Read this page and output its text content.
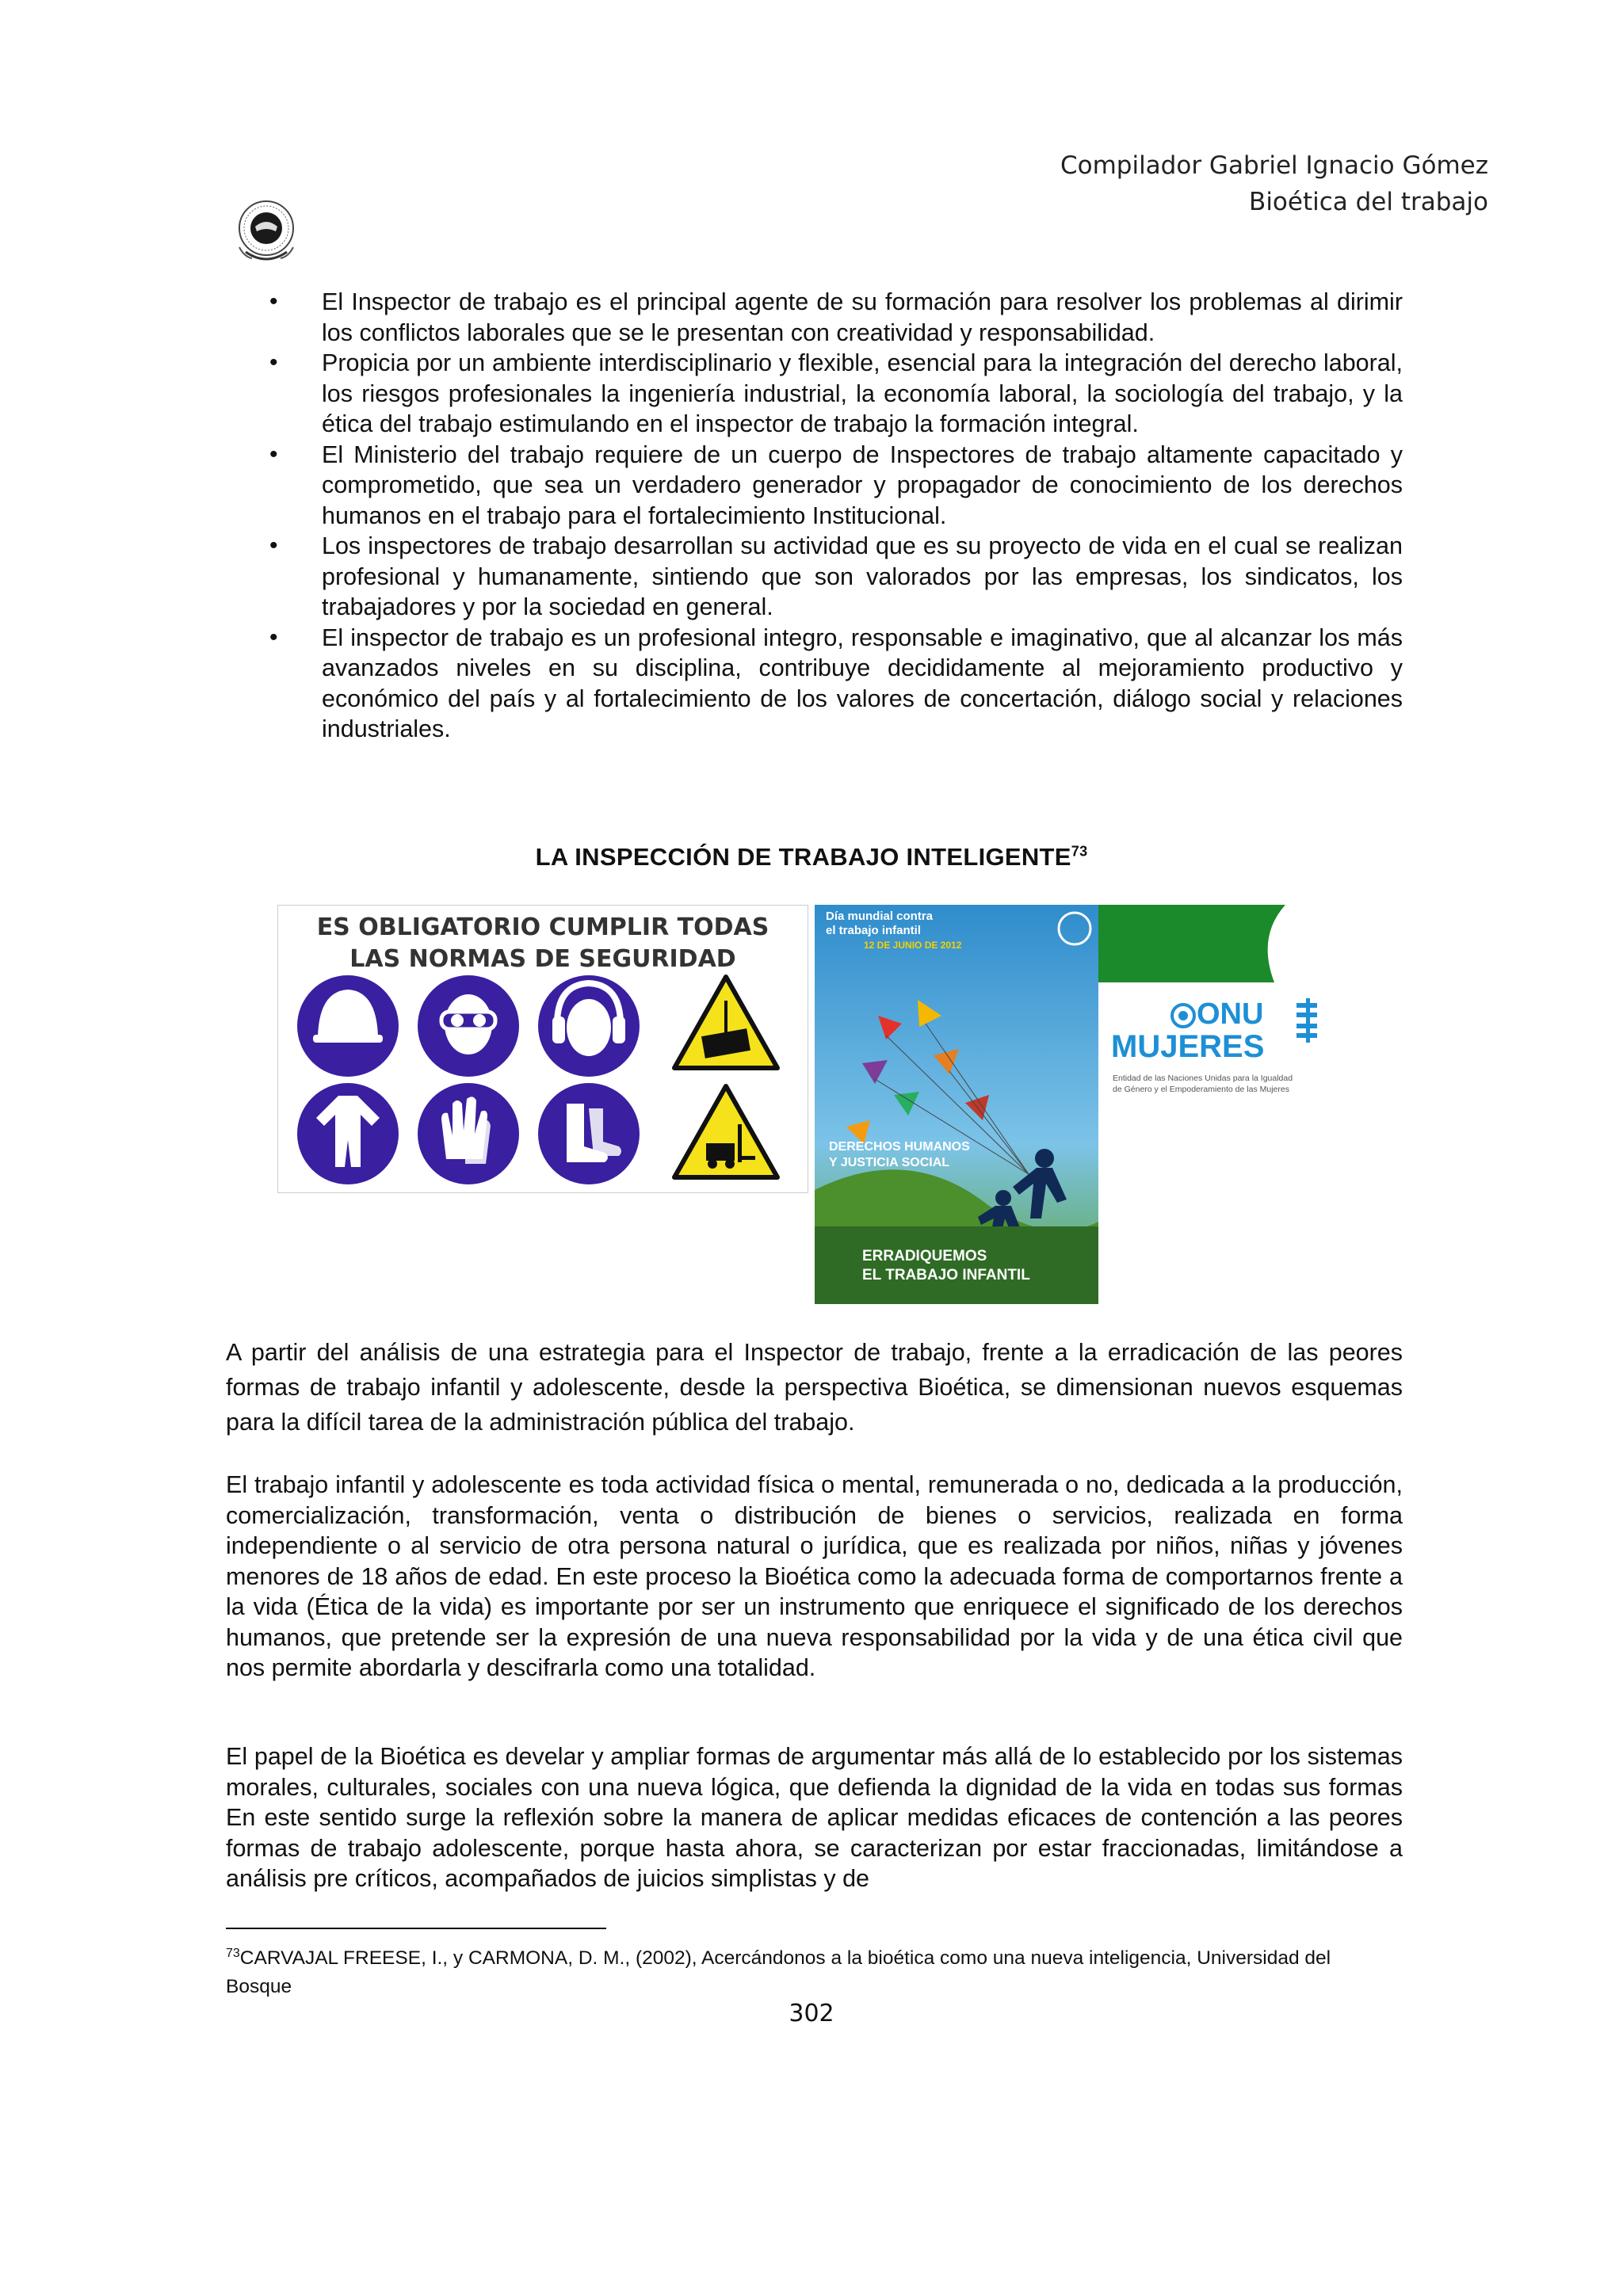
Compilador Gabriel Ignacio Gómez
Bioética del trabajo
• El Inspector de trabajo es el principal agente de su formación para resolver los problemas al dirimir los conflictos laborales que se le presentan con creatividad y responsabilidad.
• Propicia por un ambiente interdisciplinario y flexible, esencial para la integración del derecho laboral, los riesgos profesionales la ingeniería industrial, la economía laboral, la sociología del trabajo, y la ética del trabajo estimulando en el inspector de trabajo la formación integral.
• El Ministerio del trabajo requiere de un cuerpo de Inspectores de trabajo altamente capacitado y comprometido, que sea un verdadero generador y propagador de conocimiento de los derechos humanos en el trabajo para el fortalecimiento Institucional.
• Los inspectores de trabajo desarrollan su actividad que es su proyecto de vida en el cual se realizan profesional y humanamente, sintiendo que son valorados por las empresas, los sindicatos, los trabajadores y por la sociedad en general.
• El inspector de trabajo es un profesional integro, responsable e imaginativo, que al alcanzar los más avanzados niveles en su disciplina, contribuye decididamente al mejoramiento productivo y económico del país y al fortalecimiento de los valores de concertación, diálogo social y relaciones industriales.
LA INSPECCIÓN DE TRABAJO INTELIGENTE$^{73}$
ES OBLIGATORIO CUMPLIR TODAS
LAS NORMAS DE SEGURIDAD
Día mundial contra
el trabajo infantil
12 DE JUNIO DE 2012
DERECHOS HUMANOS
Y JUSTICIA SOCIAL
ERRADIQUEMOS
EL TRABAJO INFANTIL
ONU
MUJERES
Entidad de las Naciones Unidas para la Igualdad
de Género y el Empoderamiento de las Mujeres

A partir del análisis de una estrategia para el Inspector de trabajo, frente a la erradicación de las peores formas de trabajo infantil y adolescente, desde la perspectiva Bioética, se dimensionan nuevos esquemas para la difícil tarea de la administración pública del trabajo.

El trabajo infantil y adolescente es toda actividad física o mental, remunerada o no, dedicada a la producción, comercialización, transformación, venta o distribución de bienes o servicios, realizada en forma independiente o al servicio de otra persona natural o jurídica, que es realizada por niños, niñas y jóvenes menores de 18 años de edad. En este proceso la Bioética como la adecuada forma de comportarnos frente a la vida (Ética de la vida) es importante por ser un instrumento que enriquece el significado de los derechos humanos, que pretende ser la expresión de una nueva responsabilidad por la vida y de una ética civil que nos permite abordarla y descifrarla como una totalidad.

El papel de la Bioética es develar y ampliar formas de argumentar más allá de lo establecido por los sistemas morales, culturales, sociales con una nueva lógica, que defienda la dignidad de la vida en todas sus formas En este sentido surge la reflexión sobre la manera de aplicar medidas eficaces de contención a las peores formas de trabajo adolescente, porque hasta ahora, se caracterizan por estar fraccionadas, limitándose a análisis pre críticos, acompañados de juicios simplistas y de

$^{73}$CARVAJAL FREESE, I., y CARMONA, D. M., (2002), Acercándonos a la bioética como una nueva inteligencia, Universidad del Bosque
302
